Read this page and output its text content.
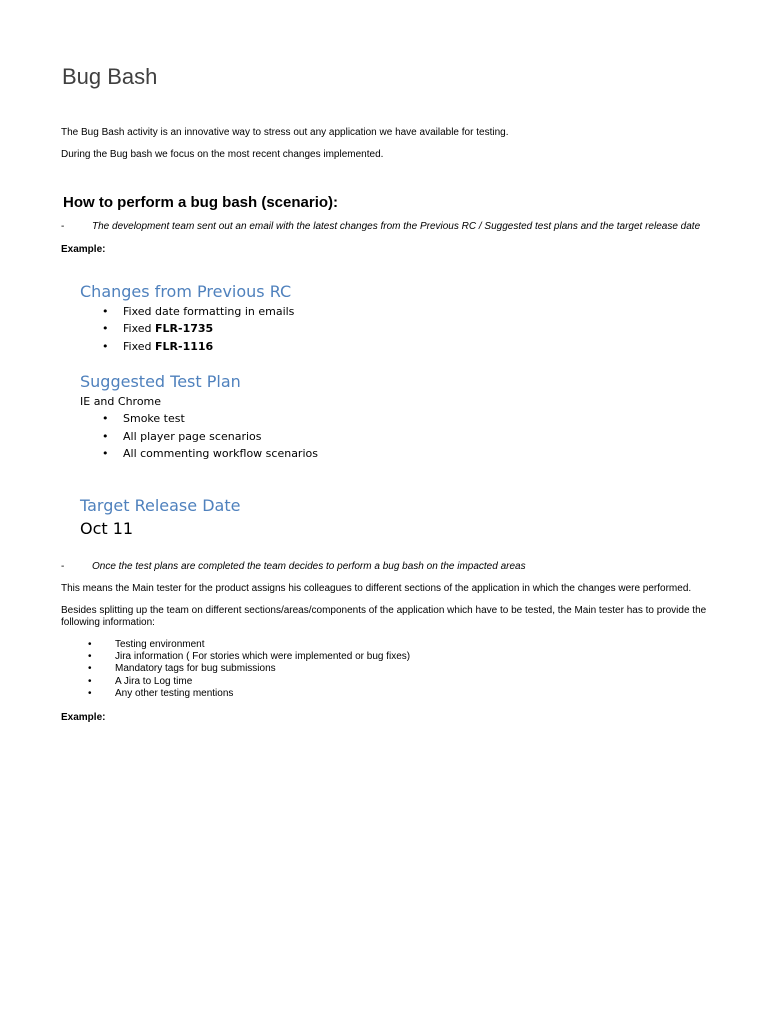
Bug Bash
The Bug Bash activity is an innovative way to stress out any application we have available for testing.
During the Bug bash we focus on the most recent changes implemented.
How to perform a bug bash (scenario):
-	The development team sent out an email with the latest changes from the Previous RC / Suggested test plans and the target release date
Example:
Changes from Previous RC
• Fixed date formatting in emails
• Fixed FLR-1735
• Fixed FLR-1116
Suggested Test Plan
IE and Chrome
• Smoke test
• All player page scenarios
• All commenting workflow scenarios
Target Release Date
Oct 11
-	Once the test plans are completed the team decides to perform a bug bash on the impacted areas
This means the Main tester for the product assigns his colleagues to different sections of the application in which the changes were performed.
Besides splitting up the team on different sections/areas/components of the application which have to be tested, the Main tester has to provide the
following information:
• Testing environment
• Jira information ( For stories which were implemented or bug fixes)
• Mandatory tags for bug submissions
• A Jira to Log time
• Any other testing mentions
Example:
